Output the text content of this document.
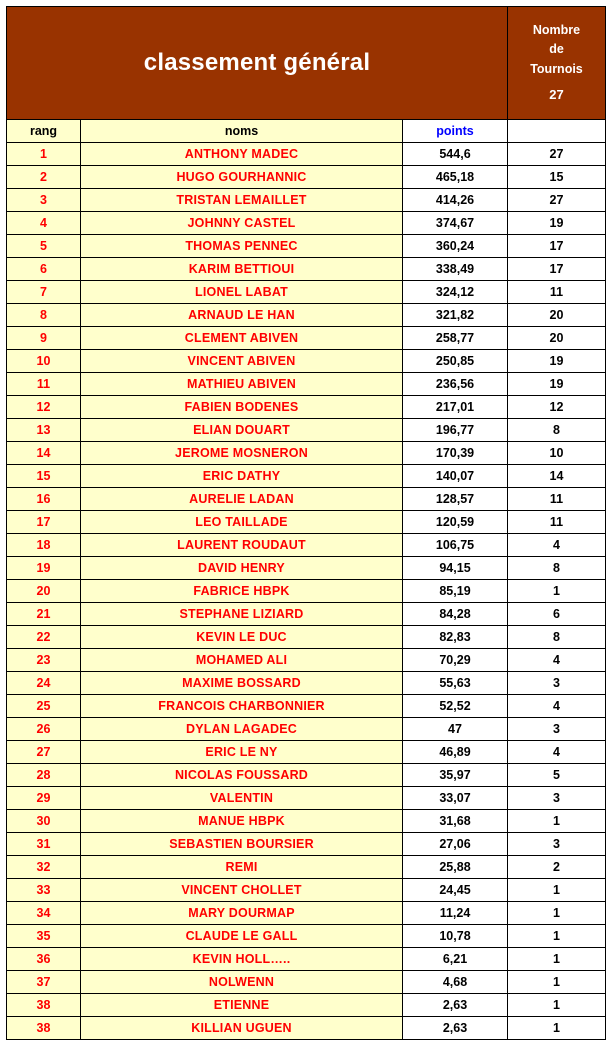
classement général			Nombre
de
Tournois
27

rang	noms	points	
1	ANTHONY MADEC	544,6	27
2	HUGO GOURHANNIC	465,18	15
3	TRISTAN LEMAILLET	414,26	27
4	JOHNNY CASTEL	374,67	19
5	THOMAS PENNEC	360,24	17
6	KARIM BETTIOUI	338,49	17
7	LIONEL LABAT	324,12	11
8	ARNAUD LE HAN	321,82	20
9	CLEMENT ABIVEN	258,77	20
10	VINCENT ABIVEN	250,85	19
11	MATHIEU ABIVEN	236,56	19
12	FABIEN BODENES	217,01	12
13	ELIAN DOUART	196,77	8
14	JEROME MOSNERON	170,39	10
15	ERIC DATHY	140,07	14
16	AURELIE LADAN	128,57	11
17	LEO TAILLADE	120,59	11
18	LAURENT ROUDAUT	106,75	4
19	DAVID HENRY	94,15	8
20	FABRICE HBPK	85,19	1
21	STEPHANE LIZIARD	84,28	6
22	KEVIN LE DUC	82,83	8
23	MOHAMED ALI	70,29	4
24	MAXIME BOSSARD	55,63	3
25	FRANCOIS CHARBONNIER	52,52	4
26	DYLAN LAGADEC	47	3
27	ERIC LE NY	46,89	4
28	NICOLAS FOUSSARD	35,97	5
29	VALENTIN	33,07	3
30	MANUE HBPK	31,68	1
31	SEBASTIEN BOURSIER	27,06	3
32	REMI	25,88	2
33	VINCENT CHOLLET	24,45	1
34	MARY DOURMAP	11,24	1
35	CLAUDE LE GALL	10,78	1
36	KEVIN HOLL…..	6,21	1
37	NOLWENN	4,68	1
38	ETIENNE	2,63	1
38	KILLIAN UGUEN	2,63	1
